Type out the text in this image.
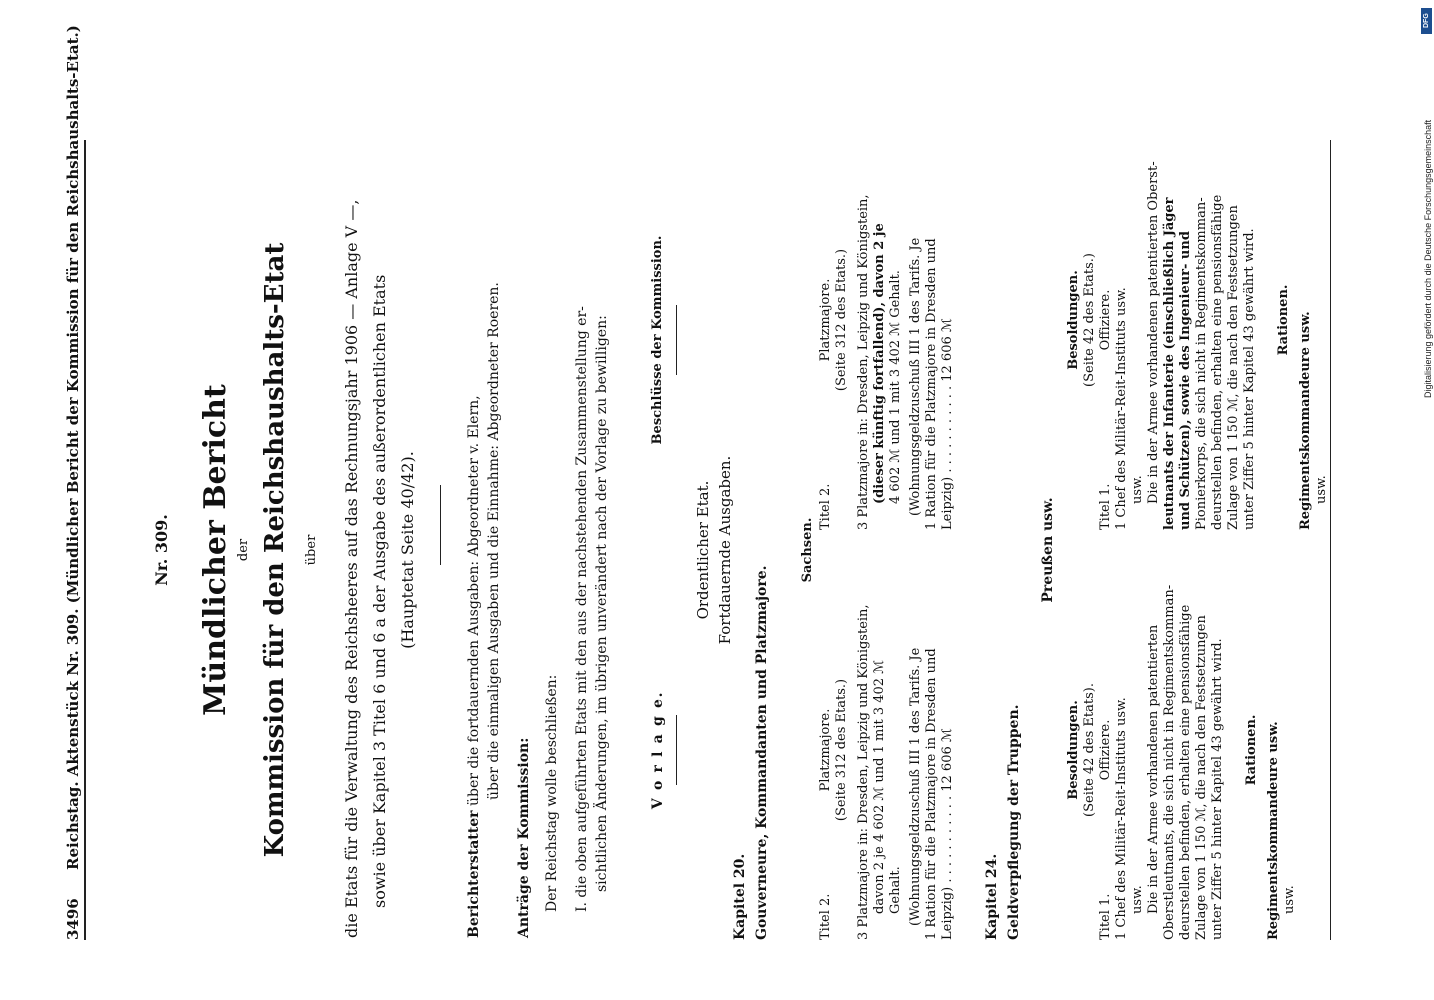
3496
Reichstag. Aktenstück Nr. 309. (Mündlicher Bericht der Kommission für den Reichshaushalts-Etat.)	Nr. 309. Mündlicher Bericht der Kommission für den Reichshaushalts-Etat über die Etats für die Verwaltung des Reichsheeres auf das Rechnungsjahr 1906 — Anlage V —, sowie über Kapitel 3 Titel 6 und 6 a der Ausgabe des außerordentlichen Etats (Hauptetat Seite 40/42).
Berichterstatter über die fortdauernden Ausgaben: Abgeordneter v. Elern, über die einmaligen Ausgaben und die Einnahme: Abgeordneter Roeren.
Anträge der Kommission: Der Reichstag wolle beschließen: I. die oben aufgeführten Etats mit den aus der nachstehenden Zusammenstellung er- sichtlichen Änderungen, im übrigen unverändert nach der Vorlage zu bewilligen:	V o r l a g e.
Beschlüsse der Kommission.
Ordentlicher Etat. Fortdauernde Ausgaben.
Kapitel 20. Gouverneure, Kommandanten und Platzmajore.
Sachsen.
Titel 2.
Platzmajore. (Seite 312 des Etats.) 3 Platzmajore in: Dresden, Leipzig und Königstein, davon 2 je 4 602 ℳ und 1 mit 3 402 ℳ Gehalt. (Wohnungsgeldzuschuß III 1 des Tarifs. Je 1 Ration für die Platzmajore in Dresden und Leipzig) . . . . . . . . . . . 12 606 ℳ
Titel 2.
Platzmajore. (Seite 312 des Etats.) 3 Platzmajore in: Dresden, Leipzig und Königstein, (dieser künftig fortfallend), davon 2 je 4 602 ℳ und 1 mit 3 402 ℳ Gehalt. (Wohnungsgeldzuschuß III 1 des Tarifs. Je 1 Ration für die Platzmajore in Dresden und Leipzig) . . . . . . . . . . . 12 606 ℳ
Kapitel 24. Geldverpflegung der Truppen.
Preußen usw.
Besoldungen. (Seite 42 des Etats).
Titel 1.
Offiziere. 1 Chef des Militär-Reit-Instituts usw. usw. Die in der Armee vorhandenen patentierten Oberstleutnants, die sich nicht in Regimentskomman- deurstellen befinden, erhalten eine pensionsfähige Zulage von 1 150 ℳ, die nach den Festsetzungen unter Ziffer 5 hinter Kapitel 43 gewährt wird. Rationen. Regimentskommandeure usw. usw.
Besoldungen. (Seite 42 des Etats.)
Titel 1.
Offiziere. 1 Chef des Militär-Reit-Instituts usw. usw. Die in der Armee vorhandenen patentierten Oberst- leutnants der Infanterie (einschließlich Jäger und Schützen), sowie des Ingenieur- und Pionierkorps, die sich nicht in Regimentskomman- deurstellen befinden, erhalten eine pensionsfähige Zulage von 1 150 ℳ, die nach den Festsetzungen unter Ziffer 5 hinter Kapitel 43 gewährt wird. Rationen. Regimentskommandeure usw. usw.
DFG
Digitalisierung gefördert durch die Deutsche Forschungsgemeinschaft
